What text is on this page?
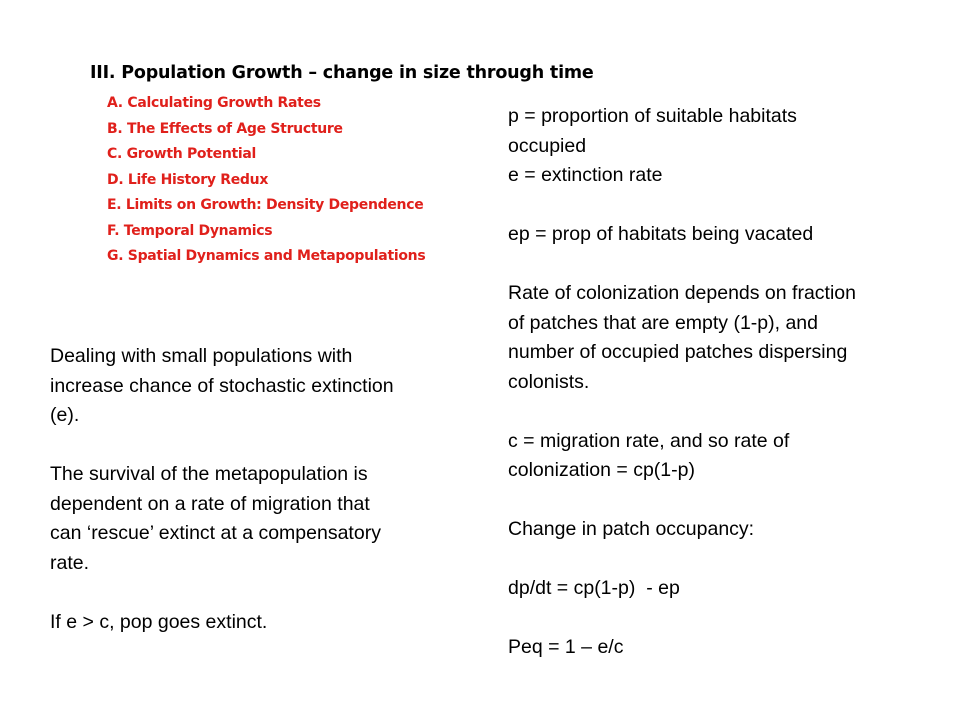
III. Population Growth – change in size through time
A. Calculating Growth Rates
B. The Effects of Age Structure
C. Growth Potential
D. Life History Redux
E. Limits on Growth: Density Dependence
F. Temporal Dynamics
G. Spatial Dynamics and Metapopulations
p = proportion of suitable habitats
occupied
e = extinction rate
ep = prop of habitats being vacated
Rate of colonization depends on fraction
of patches that are empty (1-p), and
number of occupied patches dispersing
colonists.
c = migration rate, and so rate of
colonization = cp(1-p)
Change in patch occupancy:
dp/dt = cp(1-p)  - ep
Peq = 1 – e/c
Dealing with small populations with
increase chance of stochastic extinction
(e).
The survival of the metapopulation is
dependent on a rate of migration that
can ‘rescue’ extinct at a compensatory
rate.
If e > c, pop goes extinct.
